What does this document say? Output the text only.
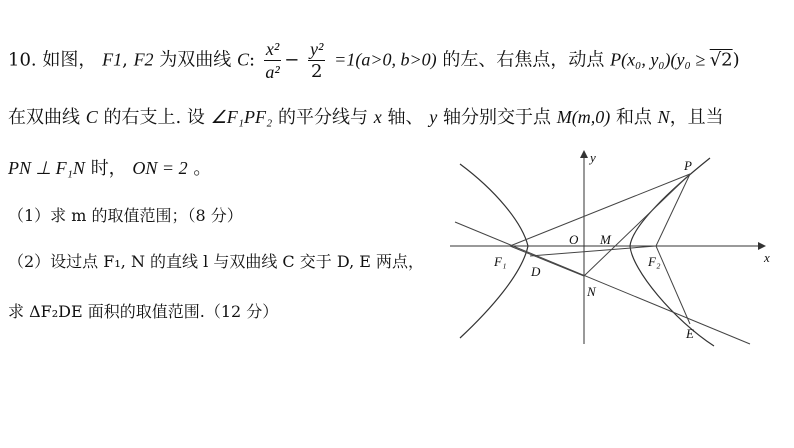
10. 如图， F1, F2 为双曲线 C: $\frac{\text{x²}}{\text{a²}} - \frac{\text{y²}}{2} =1(a>0$, b>0) 的左、右焦点，动点 P(x₀, y₀)(y₀ ≥ √2)
在双曲线 C 的右支上. 设 ∠F₁PF₂ 的平分线与 x 轴、 y 轴分别交于点 M(m,0) 和点 N，且当
PN ⊥ F₁N 时， ON = 2 。
（1）求 m 的取值范围；（8 分）
（2）设过点 F₁, N 的直线 l 与双曲线 C 交于 D, E 两点，
求 ΔF₂DE 面积的取值范围.（12 分）
y
x
O M
P
F₁	F₂
D
N
E
